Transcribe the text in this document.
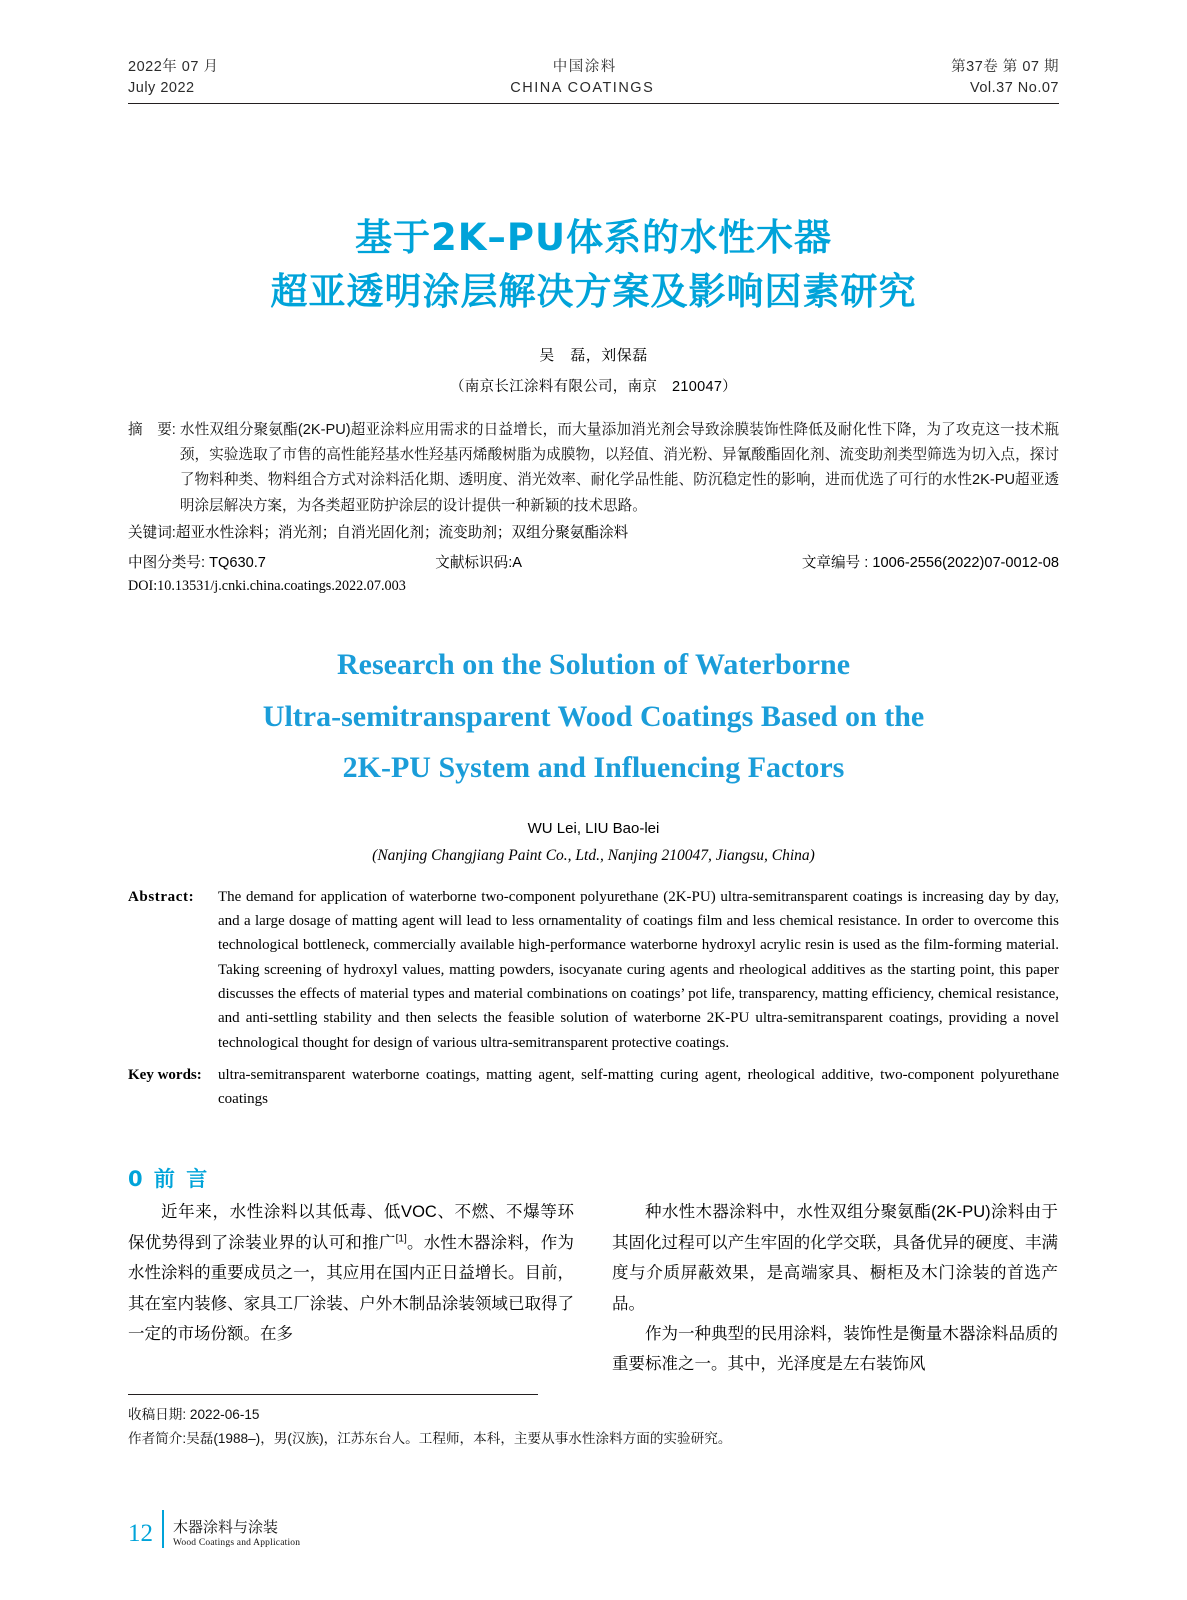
2022年 07 月	中国涂料	第37卷 第 07 期
July 2022	CHINA COATINGS	Vol.37 No.07
基于2K–PU体系的水性木器
超亚透明涂层解决方案及影响因素研究
吴　磊，刘保磊
（南京长江涂料有限公司，南京　210047）
摘　要: 水性双组分聚氨酯(2K-PU)超亚涂料应用需求的日益增长，而大量添加消光剂会导致涂膜装饰性降低及耐化性下降，为了攻克这一技术瓶颈，实验选取了市售的高性能羟基水性羟基丙烯酸树脂为成膜物，以羟值、消光粉、异氰酸酯固化剂、流变助剂类型筛选为切入点，探讨了物料种类、物料组合方式对涂料活化期、透明度、消光效率、耐化学品性能、防沉稳定性的影响，进而优选了可行的水性2K-PU超亚透明涂层解决方案，为各类超亚防护涂层的设计提供一种新颖的技术思路。
关键词:超亚水性涂料；消光剂；自消光固化剂；流变助剂；双组分聚氨酯涂料
中图分类号: TQ630.7	文献标识码:A	文章编号 : 1006-2556(2022)07-0012-08
DOI:10.13531/j.cnki.china.coatings.2022.07.003
Research on the Solution of Waterborne
Ultra-semitransparent Wood Coatings Based on the
2K-PU System and Influencing Factors
WU Lei, LIU Bao-lei
(Nanjing Changjiang Paint Co., Ltd., Nanjing 210047, Jiangsu, China)
Abstract:	The demand for application of waterborne two-component polyurethane (2K-PU) ultra-semitransparent coatings is increasing day by day, and a large dosage of matting agent will lead to less ornamentality of coatings film and less chemical resistance. In order to overcome this technological bottleneck, commercially available high-performance waterborne hydroxyl acrylic resin is used as the film-forming material. Taking screening of hydroxyl values, matting powders, isocyanate curing agents and rheological additives as the starting point, this paper discusses the effects of material types and material combinations on coatings’ pot life, transparency, matting efficiency, chemical resistance, and anti-settling stability and then selects the feasible solution of waterborne 2K-PU ultra-semitransparent coatings, providing a novel technological thought for design of various ultra-semitransparent protective coatings.
Key words:	ultra-semitransparent waterborne coatings, matting agent, self-matting curing agent, rheological additive, two-component polyurethane coatings
0 前 言

近年来，水性涂料以其低毒、低VOC、不燃、不爆等环保优势得到了涂装业界的认可和推广[1]。水性木器涂料，作为水性涂料的重要成员之一，其应用在国内正日益增长。目前，其在室内装修、家具工厂涂装、户外木制品涂装领域已取得了一定的市场份额。在多

种水性木器涂料中，水性双组分聚氨酯(2K-PU)涂料由于其固化过程可以产生牢固的化学交联，具备优异的硬度、丰满度与介质屏蔽效果，是高端家具、橱柜及木门涂装的首选产品。

作为一种典型的民用涂料，装饰性是衡量木器涂料品质的重要标准之一。其中，光泽度是左右装饰风

收稿日期: 2022-06-15
作者简介:吴磊(1988–)，男(汉族)，江苏东台人。工程师，本科，主要从事水性涂料方面的实验研究。
12 木器涂料与涂装
Wood Coatings and Application
